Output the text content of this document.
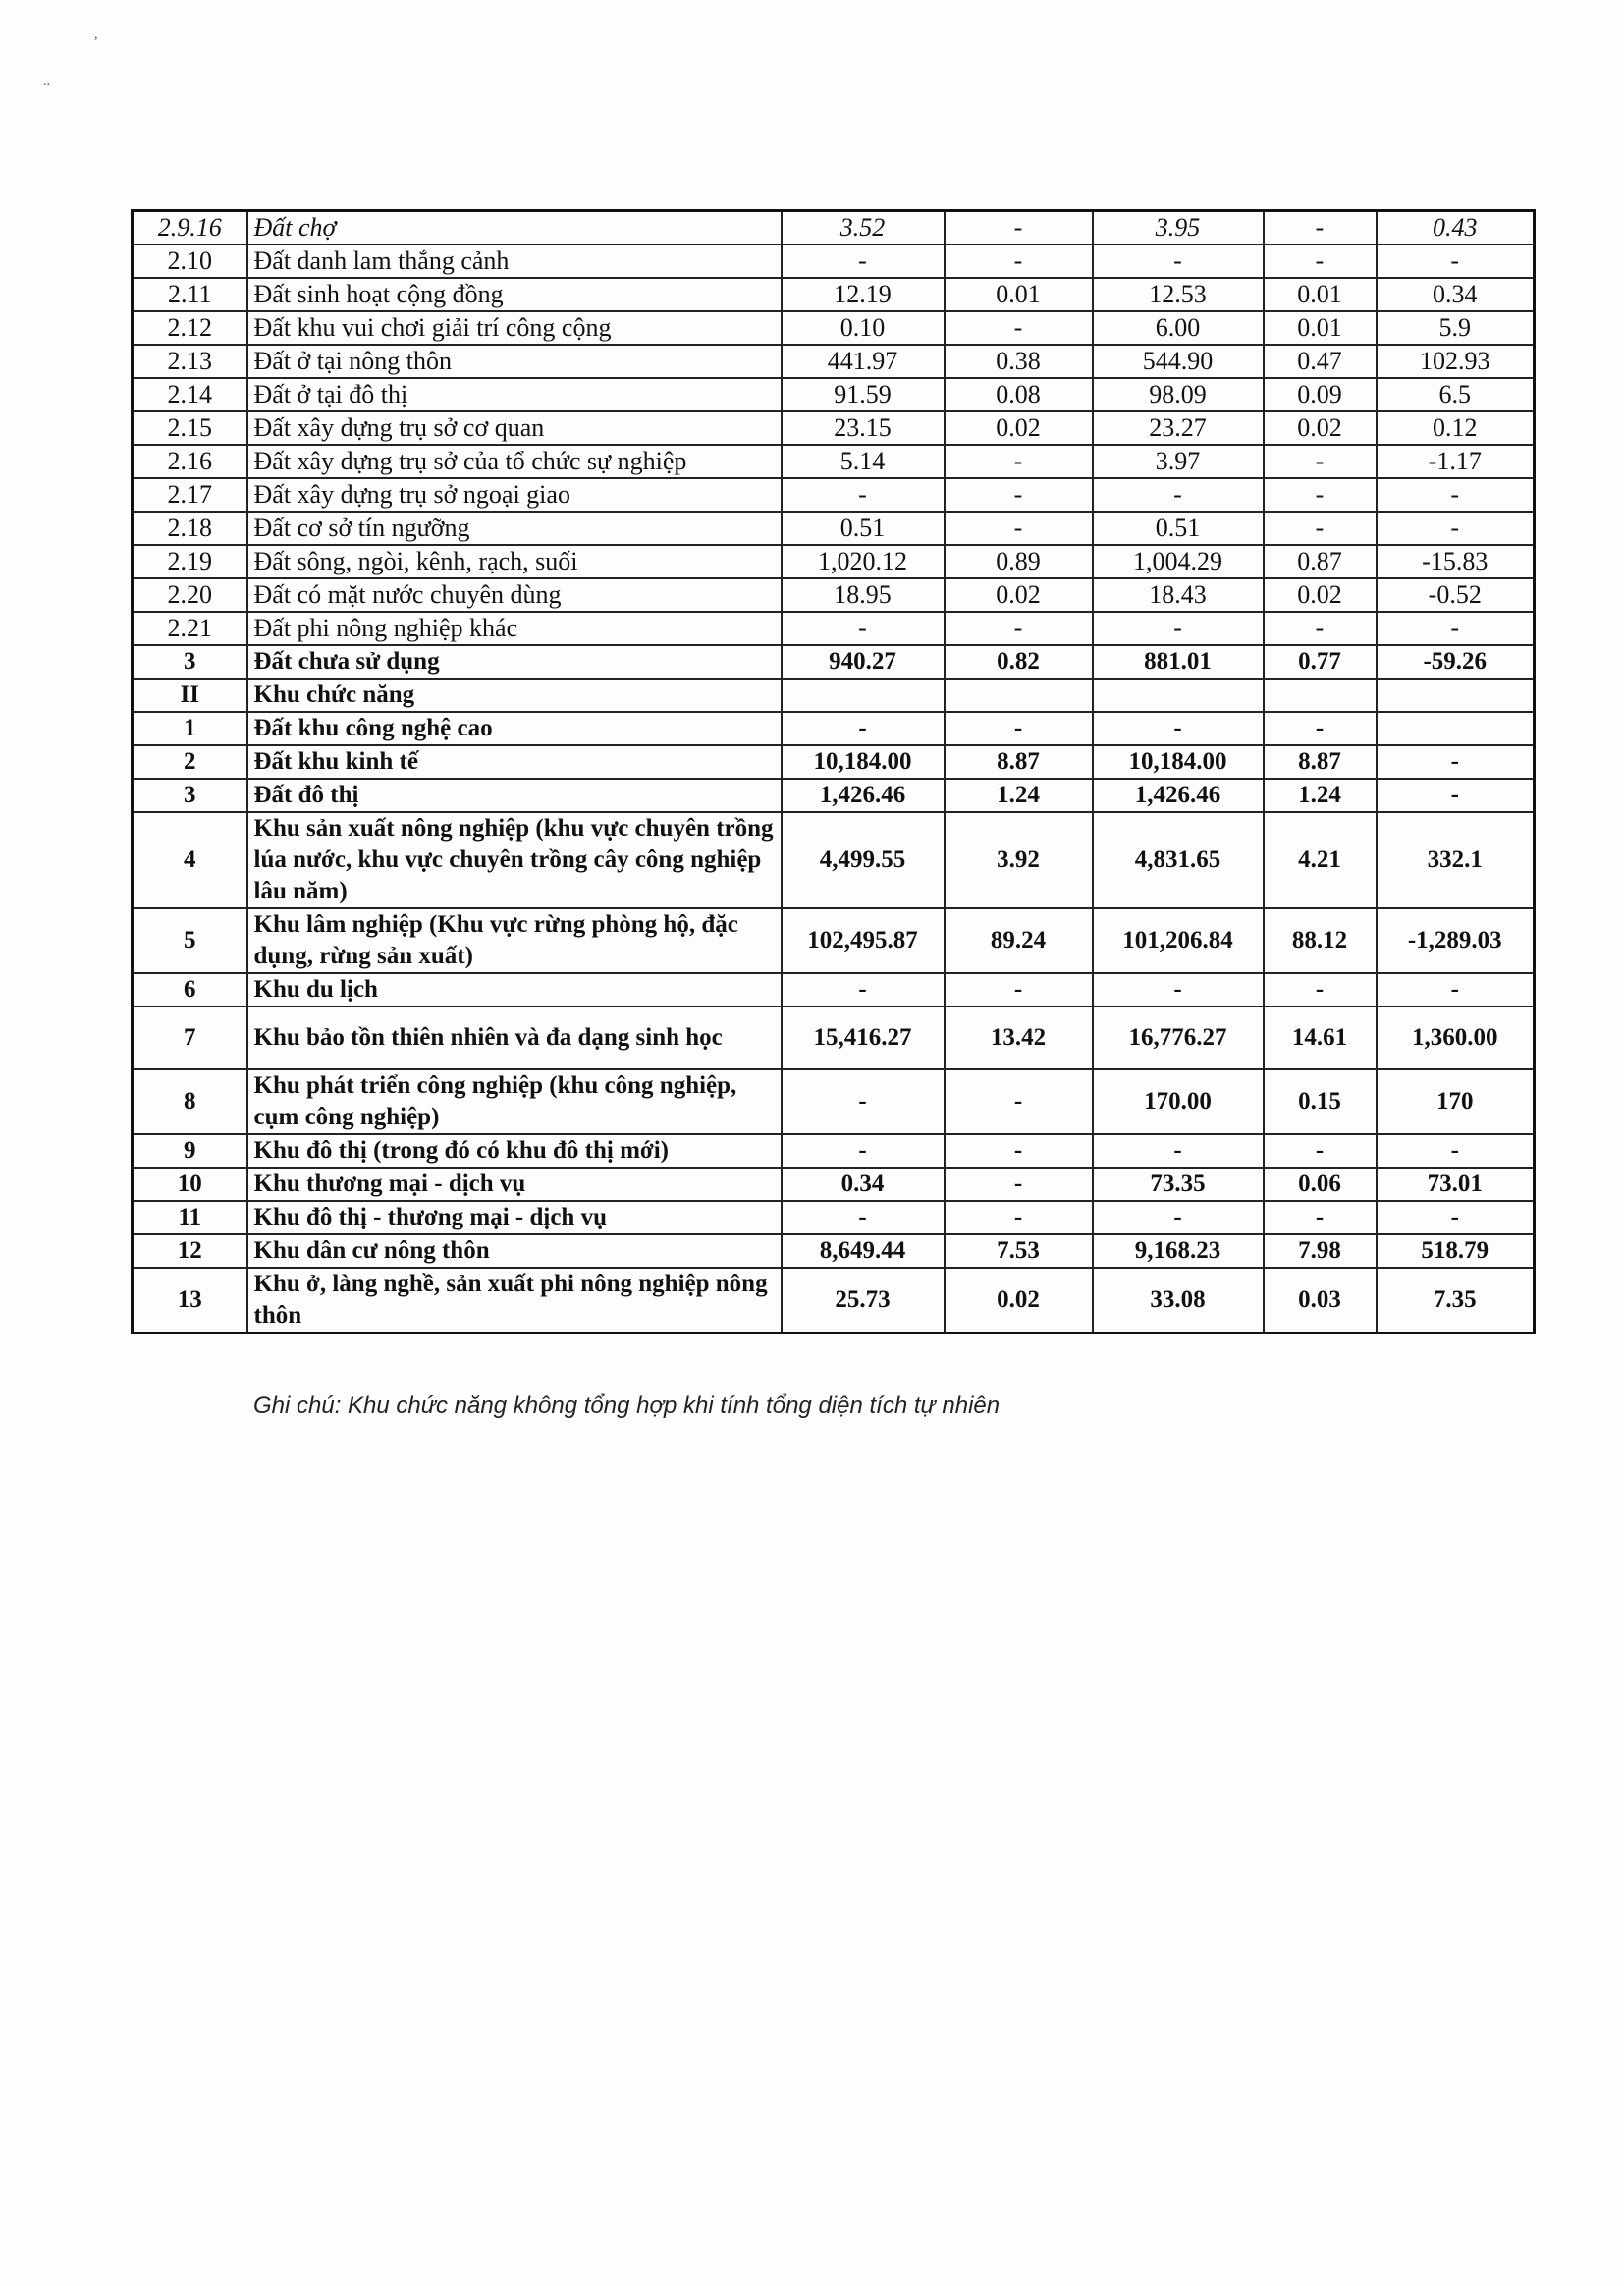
,
..
2.9.16	Đất chợ	3.52	-	3.95	-	0.43
2.10	Đất danh lam thắng cảnh	-	-	-	-	-
2.11	Đất sinh hoạt cộng đồng	12.19	0.01	12.53	0.01	0.34
2.12	Đất khu vui chơi giải trí công cộng	0.10	-	6.00	0.01	5.9
2.13	Đất ở tại nông thôn	441.97	0.38	544.90	0.47	102.93
2.14	Đất ở tại đô thị	91.59	0.08	98.09	0.09	6.5
2.15	Đất xây dựng trụ sở cơ quan	23.15	0.02	23.27	0.02	0.12
2.16	Đất xây dựng trụ sở của tổ chức sự nghiệp	5.14	-	3.97	-	-1.17
2.17	Đất xây dựng trụ sở ngoại giao	-	-	-	-	-
2.18	Đất cơ sở tín ngưỡng	0.51	-	0.51	-	-
2.19	Đất sông, ngòi, kênh, rạch, suối	1,020.12	0.89	1,004.29	0.87	-15.83
2.20	Đất có mặt nước chuyên dùng	18.95	0.02	18.43	0.02	-0.52
2.21	Đất phi nông nghiệp khác	-	-	-	-	-
3	Đất chưa sử dụng	940.27	0.82	881.01	0.77	-59.26
II	Khu chức năng					
1	Đất khu công nghệ cao	-	-	-	-	
2	Đất khu kinh tế	10,184.00	8.87	10,184.00	8.87	-
3	Đất đô thị	1,426.46	1.24	1,426.46	1.24	-
4	Khu sản xuất nông nghiệp (khu vực chuyên trồng lúa nước, khu vực chuyên trồng cây công nghiệp lâu năm)	4,499.55	3.92	4,831.65	4.21	332.1
5	Khu lâm nghiệp (Khu vực rừng phòng hộ, đặc dụng, rừng sản xuất)	102,495.87	89.24	101,206.84	88.12	-1,289.03
6	Khu du lịch	-	-	-	-	-
7	Khu bảo tồn thiên nhiên và đa dạng sinh học	15,416.27	13.42	16,776.27	14.61	1,360.00
8	Khu phát triển công nghiệp (khu công nghiệp, cụm công nghiệp)	-	-	170.00	0.15	170
9	Khu đô thị (trong đó có khu đô thị mới)	-	-	-	-	-
10	Khu thương mại - dịch vụ	0.34	-	73.35	0.06	73.01
11	Khu đô thị - thương mại - dịch vụ	-	-	-	-	-
12	Khu dân cư nông thôn	8,649.44	7.53	9,168.23	7.98	518.79
13	Khu ở, làng nghề, sản xuất phi nông nghiệp nông thôn	25.73	0.02	33.08	0.03	7.35
Ghi chú: Khu chức năng không tổng hợp khi tính tổng diện tích tự nhiên
